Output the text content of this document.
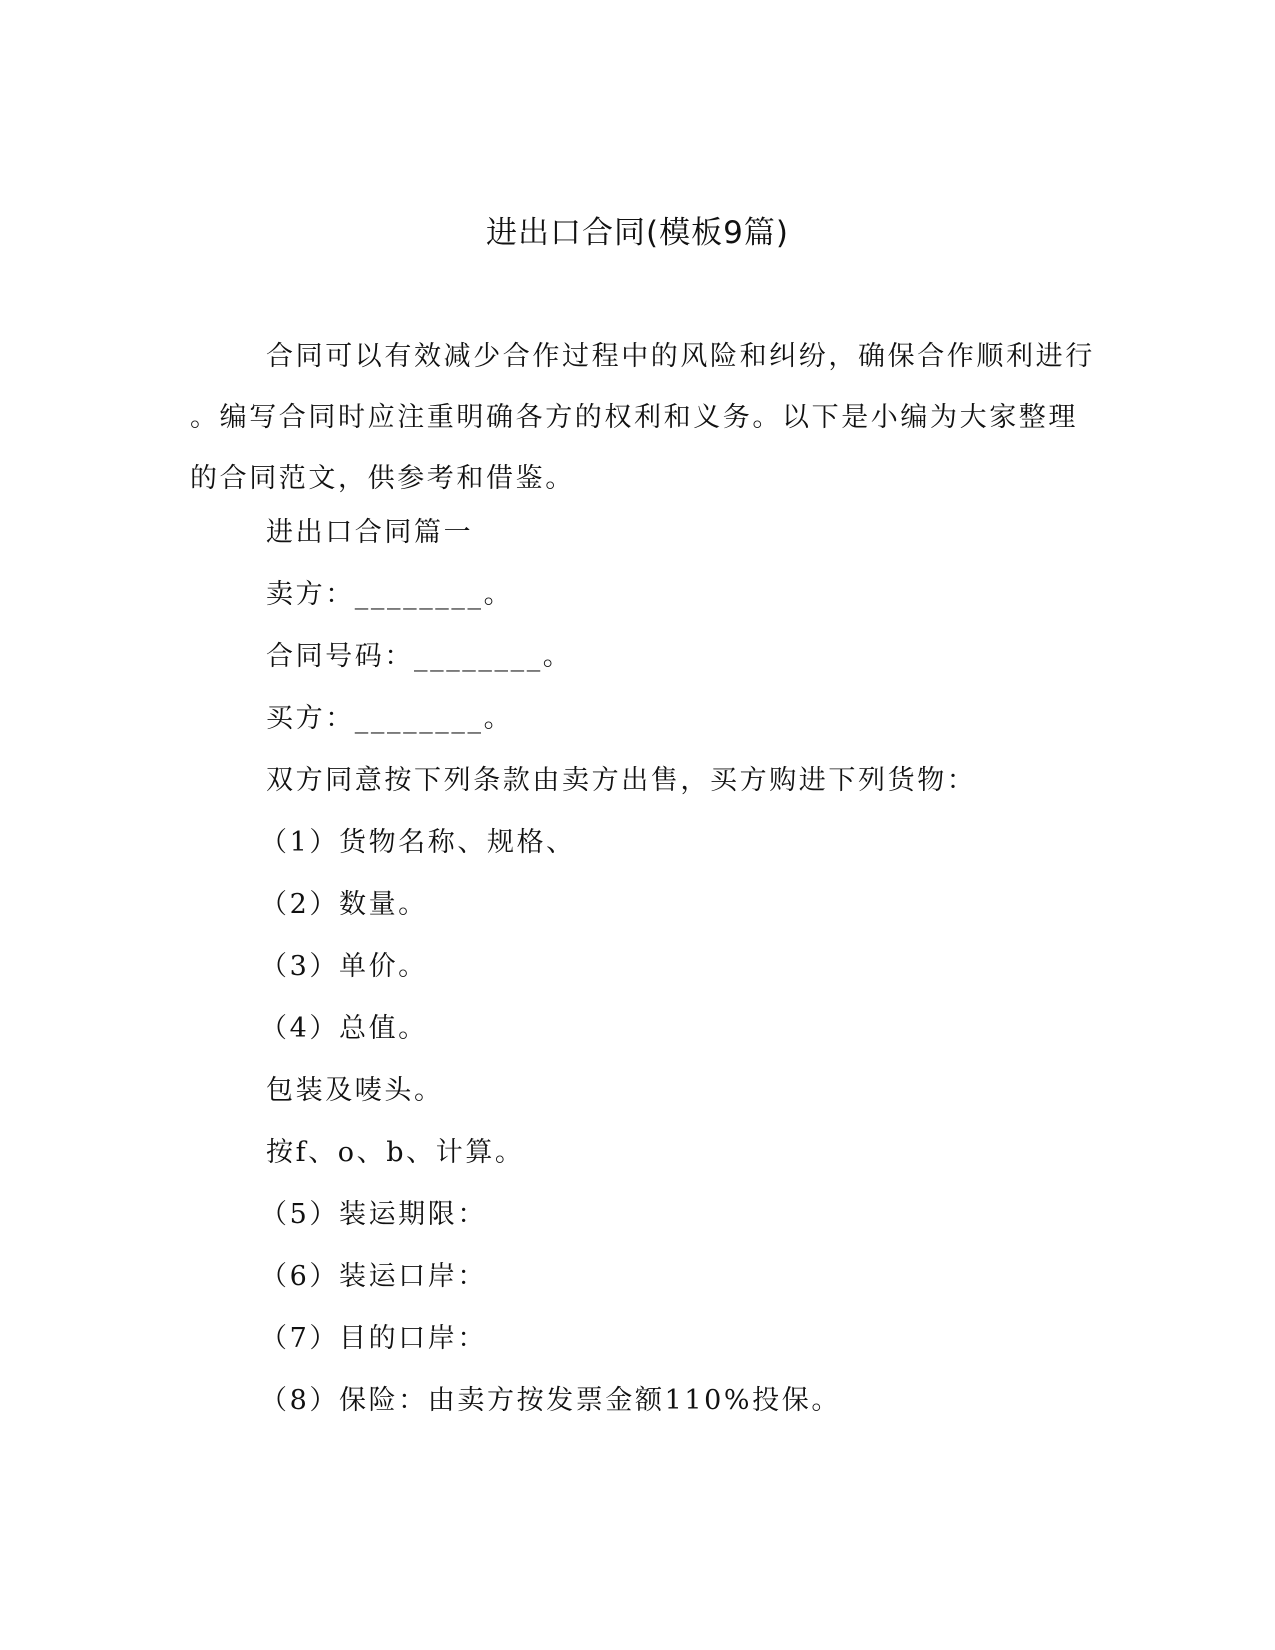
进出口合同(模板9篇)
合同可以有效减少合作过程中的风险和纠纷，确保合作顺利进行
。编写合同时应注重明确各方的权利和义务。以下是小编为大家整理
的合同范文，供参考和借鉴。
进出口合同篇一
卖方：________。
合同号码：________。
买方：________。
双方同意按下列条款由卖方出售，买方购进下列货物：
（1）货物名称、规格、
（2）数量。
（3）单价。
（4）总值。
包装及唛头。
按f、o、b、计算。
（5）装运期限：
（6）装运口岸：
（7）目的口岸：
（8）保险：由卖方按发票金额110%投保。
